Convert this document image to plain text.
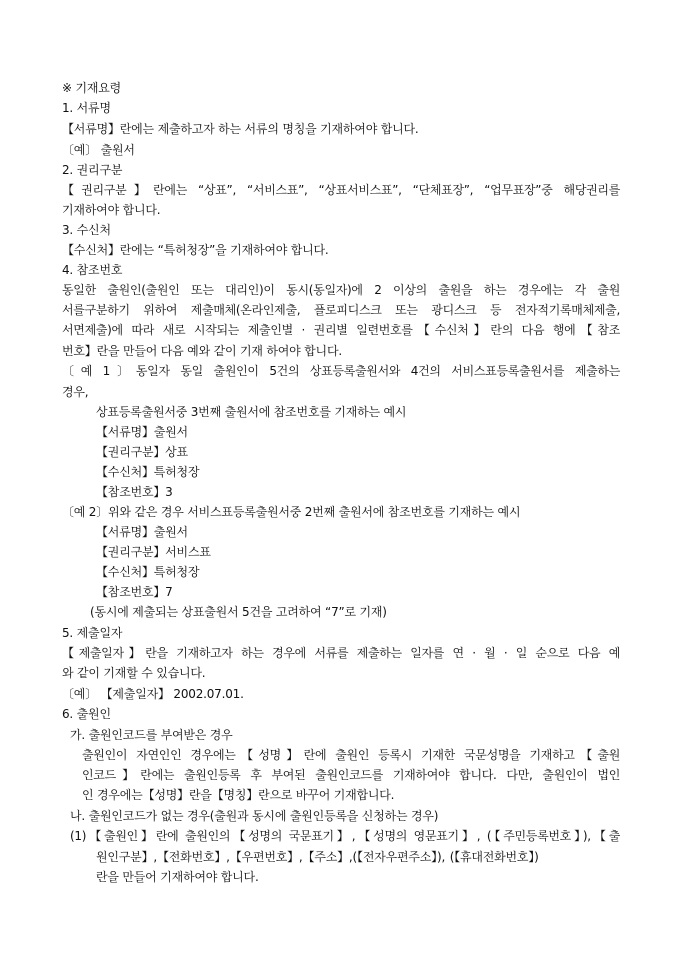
※ 기재요령
1. 서류명
【서류명】란에는 제출하고자 하는 서류의 명칭을 기재하여야 합니다.
〔예〕 출원서
2. 권리구분
【권리구분】란에는 “상표”, “서비스표”, “상표서비스표”, “단체표장”, “업무표장”중 해당권리를
기재하여야 합니다.
3. 수신처
【수신처】란에는 “특허청장”을 기재하여야 합니다.
4. 참조번호
동일한 출원인(출원인 또는 대리인)이 동시(동일자)에 2 이상의 출원을 하는 경우에는 각 출원
서를구분하기 위하여 제출매체(온라인제출, 플로피디스크 또는 광디스크 등 전자적기록매체제출,
서면제출)에 따라 새로 시작되는 제출인별 · 권리별 일련번호를【수신처】란의 다음 행에【참조
번호】란을 만들어 다음 예와 같이 기재 하여야 합니다.
〔예 1〕동일자 동일 출원인이 5건의 상표등록출원서와 4건의 서비스표등록출원서를 제출하는
경우,
상표등록출원서중 3번째 출원서에 참조번호를 기재하는 예시
【서류명】출원서
【권리구분】상표
【수신처】특허청장
【참조번호】3
〔예 2〕위와 같은 경우 서비스표등록출원서중 2번째 출원서에 참조번호를 기재하는 예시
【서류명】출원서
【권리구분】서비스표
【수신처】특허청장
【참조번호】7
(동시에 제출되는 상표출원서 5건을 고려하여 “7”로 기재)
5. 제출일자
【제출일자】란을 기재하고자 하는 경우에 서류를 제출하는 일자를 연 · 월 · 일 순으로 다음 예
와 같이 기재할 수 있습니다.
〔예〕 【제출일자】 2002.07.01.
6. 출원인
가. 출원인코드를 부여받은 경우
출원인이 자연인인 경우에는【성명】란에 출원인 등록시 기재한 국문성명을 기재하고【출원
인코드】란에는 출원인등록 후 부여된 출원인코드를 기재하여야 합니다. 다만, 출원인이 법인
인 경우에는【성명】란을【명칭】란으로 바꾸어 기재합니다.
나. 출원인코드가 없는 경우(출원과 동시에 출원인등록을 신청하는 경우)
(1)【출원인】란에 출원인의【성명의 국문표기】,【성명의 영문표기】, (【주민등록번호】),【출
원인구분】,【전화번호】,【우편번호】,【주소】,(【전자우편주소】), (【휴대전화번호】)
란을 만들어 기재하여야 합니다.
